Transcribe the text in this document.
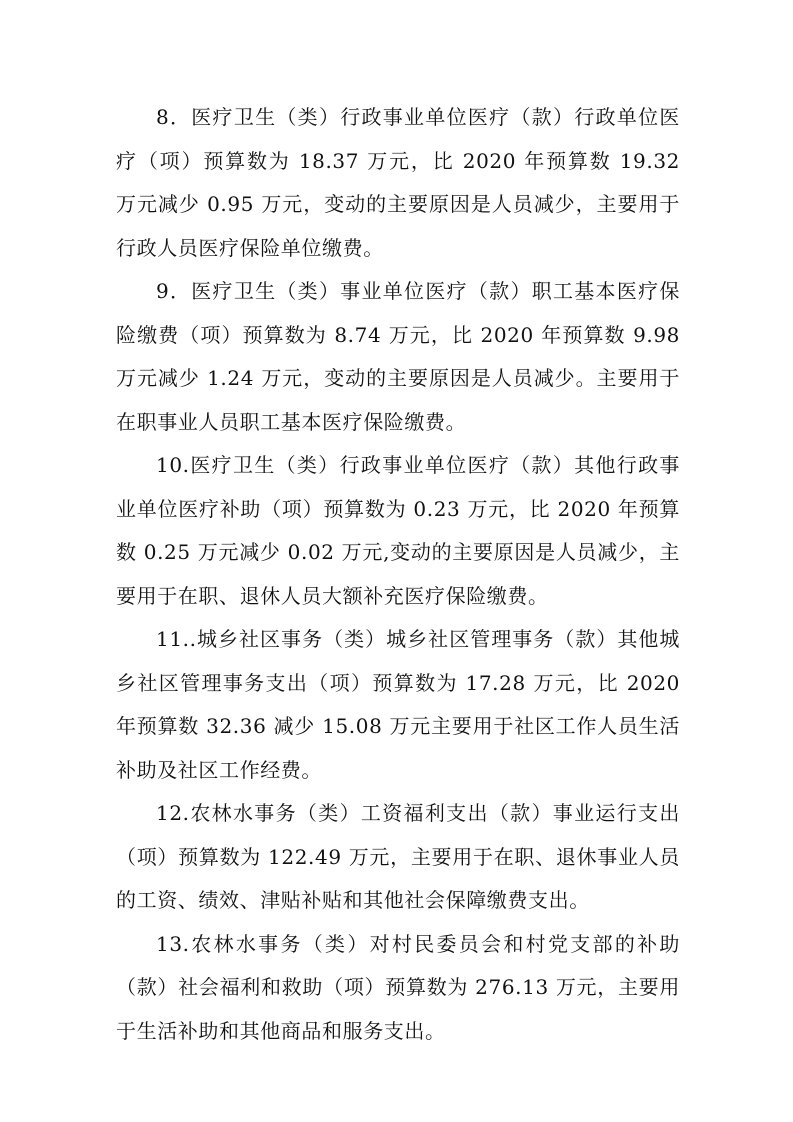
8．医疗卫生（类）行政事业单位医疗（款）行政单位医疗（项）预算数为 18.37 万元，比 2020 年预算数 19.32 万元减少 0.95 万元，变动的主要原因是人员减少，主要用于行政人员医疗保险单位缴费。

9．医疗卫生（类）事业单位医疗（款）职工基本医疗保险缴费（项）预算数为 8.74 万元，比 2020 年预算数 9.98 万元减少 1.24 万元，变动的主要原因是人员减少。主要用于在职事业人员职工基本医疗保险缴费。

10.医疗卫生（类）行政事业单位医疗（款）其他行政事业单位医疗补助（项）预算数为 0.23 万元，比 2020 年预算数 0.25 万元减少 0.02 万元,变动的主要原因是人员减少，主要用于在职、退休人员大额补充医疗保险缴费。

11..城乡社区事务（类）城乡社区管理事务（款）其他城乡社区管理事务支出（项）预算数为 17.28 万元，比 2020 年预算数 32.36 减少 15.08 万元主要用于社区工作人员生活补助及社区工作经费。

12.农林水事务（类）工资福利支出（款）事业运行支出（项）预算数为 122.49 万元，主要用于在职、退休事业人员的工资、绩效、津贴补贴和其他社会保障缴费支出。

13.农林水事务（类）对村民委员会和村党支部的补助（款）社会福利和救助（项）预算数为 276.13 万元，主要用于生活补助和其他商品和服务支出。
